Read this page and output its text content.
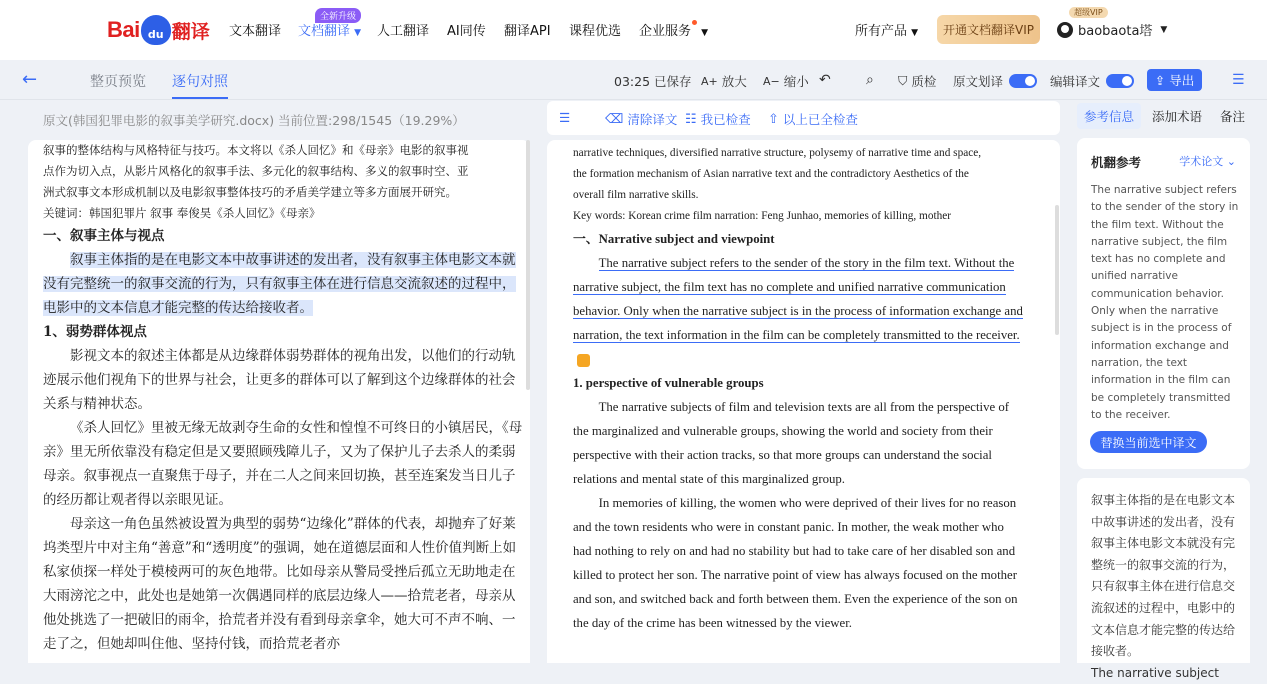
Bai du 翻译 文本翻译
全新升级
文档翻译 ▼ 人工翻译 AI同传 翻译API 课程优选 企业服务 ▼	所有产品 ▼	开通文档翻译VIP
超级VIP
baobaota塔 ▼
←	整页预览 逐句对照	03:25 已保存 A+
放大 A−
缩小 ↶	⌕ ⛉ 质检 原文划译	编辑译文	⇪ 导出	☰
原文(韩国犯罪电影的叙事美学研究.docx) 当前位置:298/1545（19.29%）

叙事的整体结构与风格特征与技巧。本文将以《杀人回忆》和《母亲》电影的叙事视

点作为切入点，从影片风格化的叙事手法、多元化的叙事结构、多义的叙事时空、亚

洲式叙事文本形成机制以及电影叙事整体技巧的矛盾美学建立等多方面展开研究。

关键词：韩国犯罪片 叙事 奉俊昊《杀人回忆》《母亲》

一、叙事主体与视点

叙事主体指的是在电影文本中故事讲述的发出者，没有叙事主体电影文本就没有完整统一的叙事交流的行为，只有叙事主体在进行信息交流叙述的过程中，电影中的文本信息才能完整的传达给接收者。

1、弱势群体视点

影视文本的叙述主体都是从边缘群体弱势群体的视角出发，以他们的行动轨迹展示他们视角下的世界与社会，让更多的群体可以了解到这个边缘群体的社会关系与精神状态。

《杀人回忆》里被无缘无故剥夺生命的女性和惶惶不可终日的小镇居民，《母亲》里无所依靠没有稳定但是又要照顾残障儿子，又为了保护儿子去杀人的柔弱母亲。叙事视点一直聚焦于母子，并在二人之间来回切换，甚至连案发当日儿子的经历都让观者得以亲眼见证。

母亲这一角色虽然被设置为典型的弱势“边缘化”群体的代表，却抛弃了好莱坞类型片中对主角“善意”和“透明度”的强调，她在道德层面和人性价值判断上如私家侦探一样处于模棱两可的灰色地带。比如母亲从警局受挫后孤立无助地走在大雨滂沱之中，此处也是她第一次偶遇同样的底层边缘人——拾荒老者，母亲从他处挑选了一把破旧的雨伞，拾荒者并没有看到母亲拿伞，她大可不声不响、一走了之，但她却叫住他、坚持付钱，而拾荒老者亦

☰	⌫ 清除译文 ☷ 我已检查 ⇧ 以上已全检查

narrative techniques, diversified narrative structure, polysemy of narrative time and space,

the formation mechanism of Asian narrative text and the contradictory Aesthetics of the

overall film narrative skills.

Key words: Korean crime film narration: Feng Junhao, memories of killing, mother

一、Narrative subject and viewpoint

The narrative subject refers to the sender of the story in the film text. Without the narrative subject, the film text has no complete and unified narrative communication behavior. Only when the narrative subject is in the process of information exchange and narration, the text information in the film can be completely transmitted to the receiver.!

1. perspective of vulnerable groups

The narrative subjects of film and television texts are all from the perspective of the marginalized and vulnerable groups, showing the world and society from their perspective with their action tracks, so that more groups can understand the social relations and mental state of this marginalized group.

In memories of killing, the women who were deprived of their lives for no reason and the town residents who were in constant panic. In mother, the weak mother who had nothing to rely on and had no stability but had to take care of her disabled son and killed to protect her son. The narrative point of view has always focused on the mother and son, and switched back and forth between them. Even the experience of the son on the day of the crime has been witnessed by the viewer.

参考信息	添加术语	备注
机翻参考	学术论文 ⌄
The narrative subject refers to the sender of the story in the film text. Without the narrative subject, the film text has no complete and unified narrative communication behavior. Only when the narrative subject is in the process of information exchange and narration, the text information in the film can be completely transmitted to the receiver.
替换当前选中译文
叙事主体指的是在电影文本中故事讲述的发出者，没有叙事主体电影文本就没有完整统一的叙事交流的行为，只有叙事主体在进行信息交流叙述的过程中，电影中的文本信息才能完整的传达给接收者。
The narrative subject
